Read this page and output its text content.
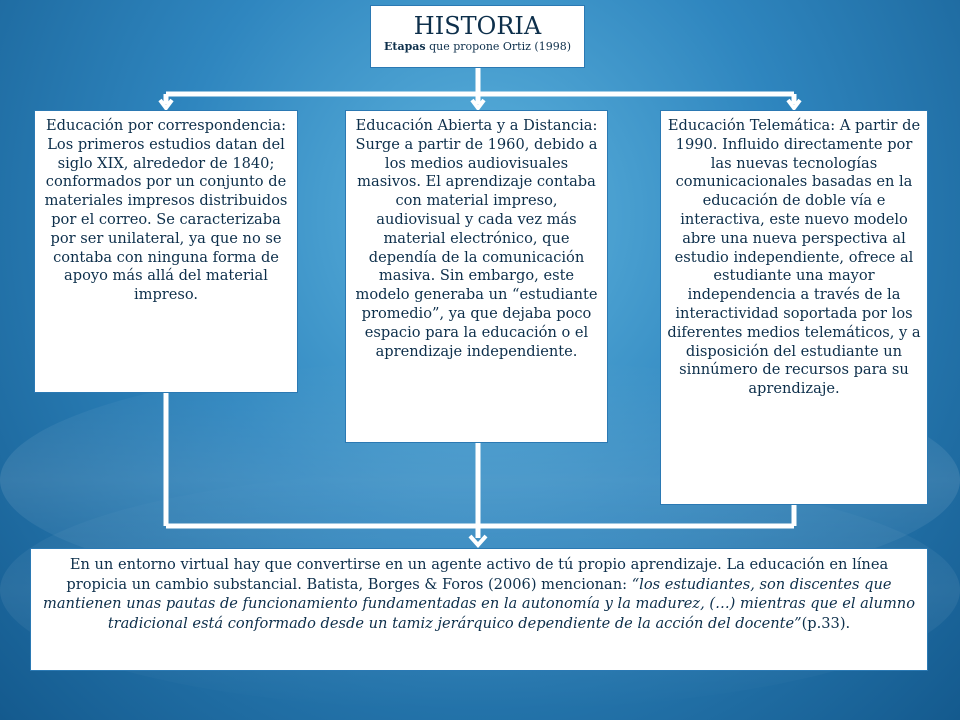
HISTORIA
Etapas que propone Ortiz (1998)
Educación por correspondencia: Los primeros estudios datan del siglo XIX, alrededor de 1840; conformados por un conjunto de materiales impresos distribuidos por el correo. Se caracterizaba por ser unilateral, ya que no se contaba con ninguna forma de apoyo más allá del material impreso.
Educación Abierta y a Distancia: Surge a partir de 1960, debido a los medios audiovisuales masivos. El aprendizaje contaba con material impreso, audiovisual y cada vez más material electrónico, que dependía de la comunicación masiva. Sin embargo, este modelo generaba un “estudiante promedio”, ya que dejaba poco espacio para la educación o el aprendizaje independiente.
Educación Telemática: A partir de 1990. Influido directamente por las nuevas tecnologías comunicacionales basadas en la educación de doble vía e interactiva, este nuevo modelo abre una nueva perspectiva al estudio independiente, ofrece al estudiante una mayor independencia a través de la interactividad soportada por los diferentes medios telemáticos, y a disposición del estudiante un sinnúmero de recursos para su aprendizaje.
En un entorno virtual hay que convertirse en un agente activo de tú propio aprendizaje. La educación en línea propicia un cambio substancial. Batista, Borges & Foros (2006) mencionan: “los estudiantes, son discentes que mantienen unas pautas de funcionamiento fundamentadas en la autonomía y la madurez, (…) mientras que el alumno tradicional está conformado desde un tamiz jerárquico dependiente de la acción del docente”(p.33).
